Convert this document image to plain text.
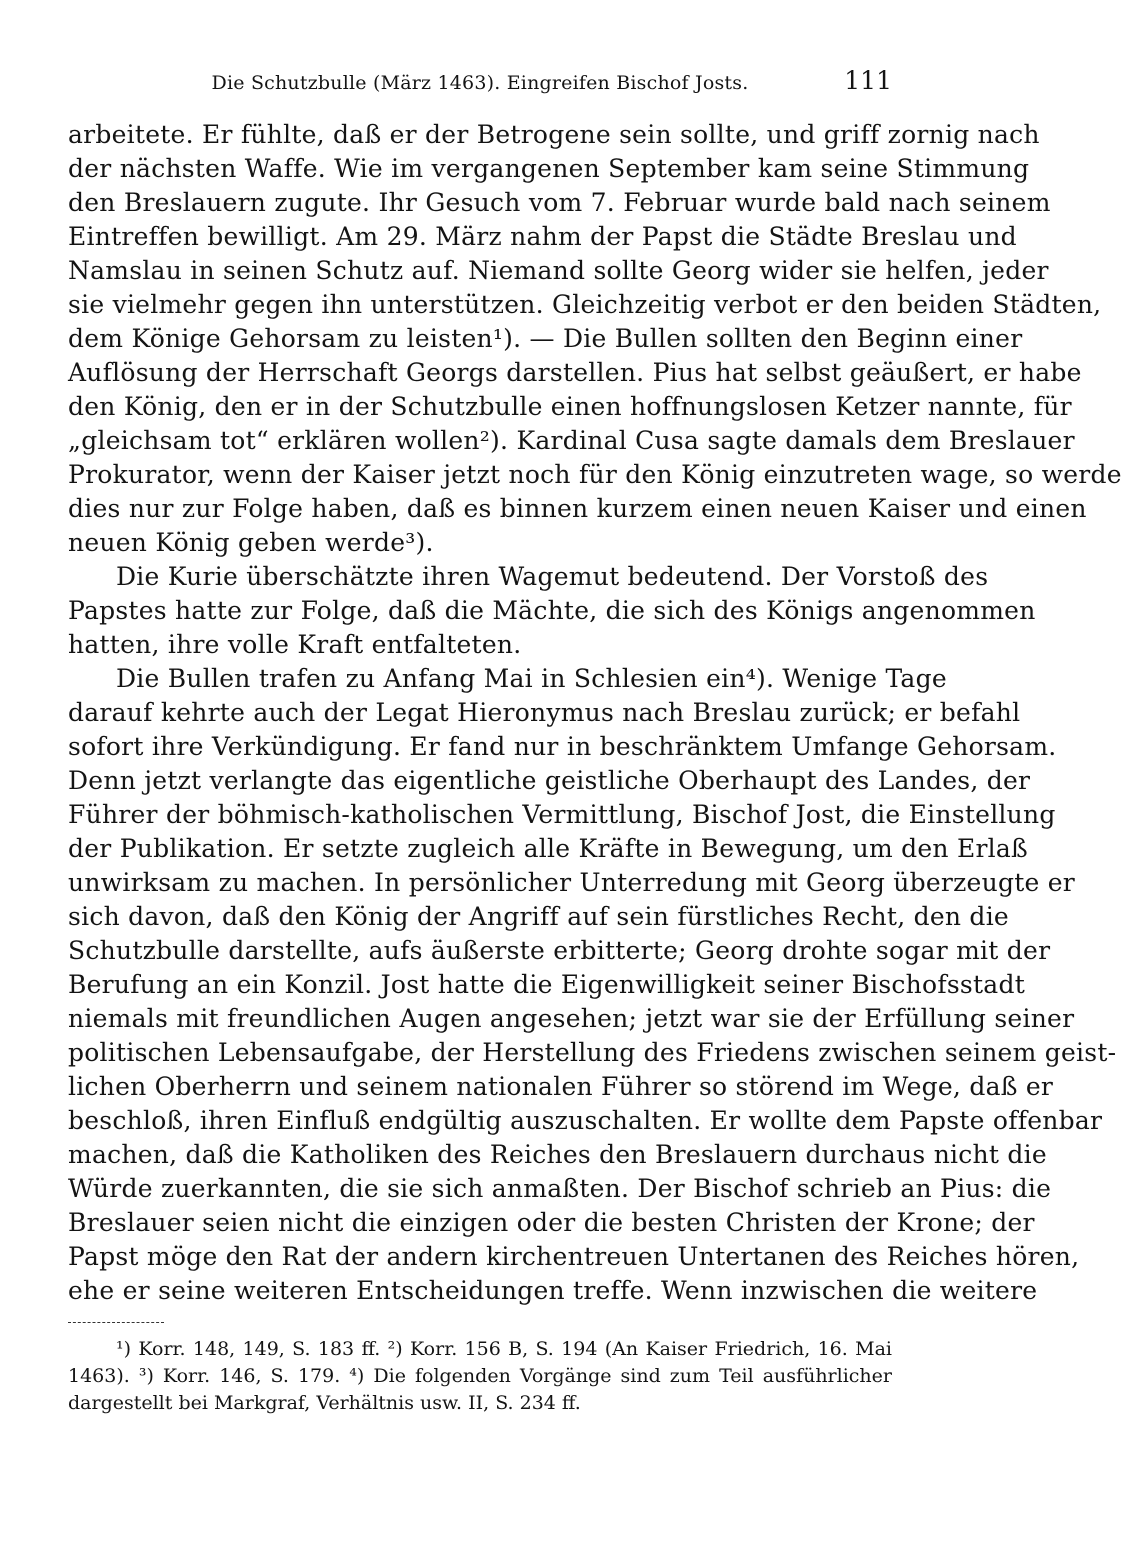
Die Schutzbulle (März 1463). Eingreifen Bischof Josts.	111
arbeitete. Er fühlte, daß er der Betrogene sein sollte, und griff zornig nach
der nächsten Waffe. Wie im vergangenen September kam seine Stimmung
den Breslauern zugute. Ihr Gesuch vom 7. Februar wurde bald nach seinem
Eintreffen bewilligt. Am 29. März nahm der Papst die Städte Breslau und
Namslau in seinen Schutz auf. Niemand sollte Georg wider sie helfen, jeder
sie vielmehr gegen ihn unterstützen. Gleichzeitig verbot er den beiden Städten,
dem Könige Gehorsam zu leisten¹). — Die Bullen sollten den Beginn einer
Auflösung der Herrschaft Georgs darstellen. Pius hat selbst geäußert, er habe
den König, den er in der Schutzbulle einen hoffnungslosen Ketzer nannte, für
„gleichsam tot“ erklären wollen²). Kardinal Cusa sagte damals dem Breslauer
Prokurator, wenn der Kaiser jetzt noch für den König einzutreten wage, so werde
dies nur zur Folge haben, daß es binnen kurzem einen neuen Kaiser und einen
neuen König geben werde³).
Die Kurie überschätzte ihren Wagemut bedeutend. Der Vorstoß des
Papstes hatte zur Folge, daß die Mächte, die sich des Königs angenommen
hatten, ihre volle Kraft entfalteten.
Die Bullen trafen zu Anfang Mai in Schlesien ein⁴). Wenige Tage
darauf kehrte auch der Legat Hieronymus nach Breslau zurück; er befahl
sofort ihre Verkündigung. Er fand nur in beschränktem Umfange Gehorsam.
Denn jetzt verlangte das eigentliche geistliche Oberhaupt des Landes, der
Führer der böhmisch-katholischen Vermittlung, Bischof Jost, die Einstellung
der Publikation. Er setzte zugleich alle Kräfte in Bewegung, um den Erlaß
unwirksam zu machen. In persönlicher Unterredung mit Georg überzeugte er
sich davon, daß den König der Angriff auf sein fürstliches Recht, den die
Schutzbulle darstellte, aufs äußerste erbitterte; Georg drohte sogar mit der
Berufung an ein Konzil. Jost hatte die Eigenwilligkeit seiner Bischofsstadt
niemals mit freundlichen Augen angesehen; jetzt war sie der Erfüllung seiner
politischen Lebensaufgabe, der Herstellung des Friedens zwischen seinem geist-
lichen Oberherrn und seinem nationalen Führer so störend im Wege, daß er
beschloß, ihren Einfluß endgültig auszuschalten. Er wollte dem Papste offenbar
machen, daß die Katholiken des Reiches den Breslauern durchaus nicht die
Würde zuerkannten, die sie sich anmaßten. Der Bischof schrieb an Pius: die
Breslauer seien nicht die einzigen oder die besten Christen der Krone; der
Papst möge den Rat der andern kirchentreuen Untertanen des Reiches hören,
ehe er seine weiteren Entscheidungen treffe. Wenn inzwischen die weitere
¹) Korr. 148, 149, S. 183 ff. ²) Korr. 156 B, S. 194 (An Kaiser Friedrich, 16. Mai
1463). ³) Korr. 146, S. 179. ⁴) Die folgenden Vorgänge sind zum Teil ausführlicher
dargestellt bei Markgraf, Verhältnis usw. II, S. 234 ff.
